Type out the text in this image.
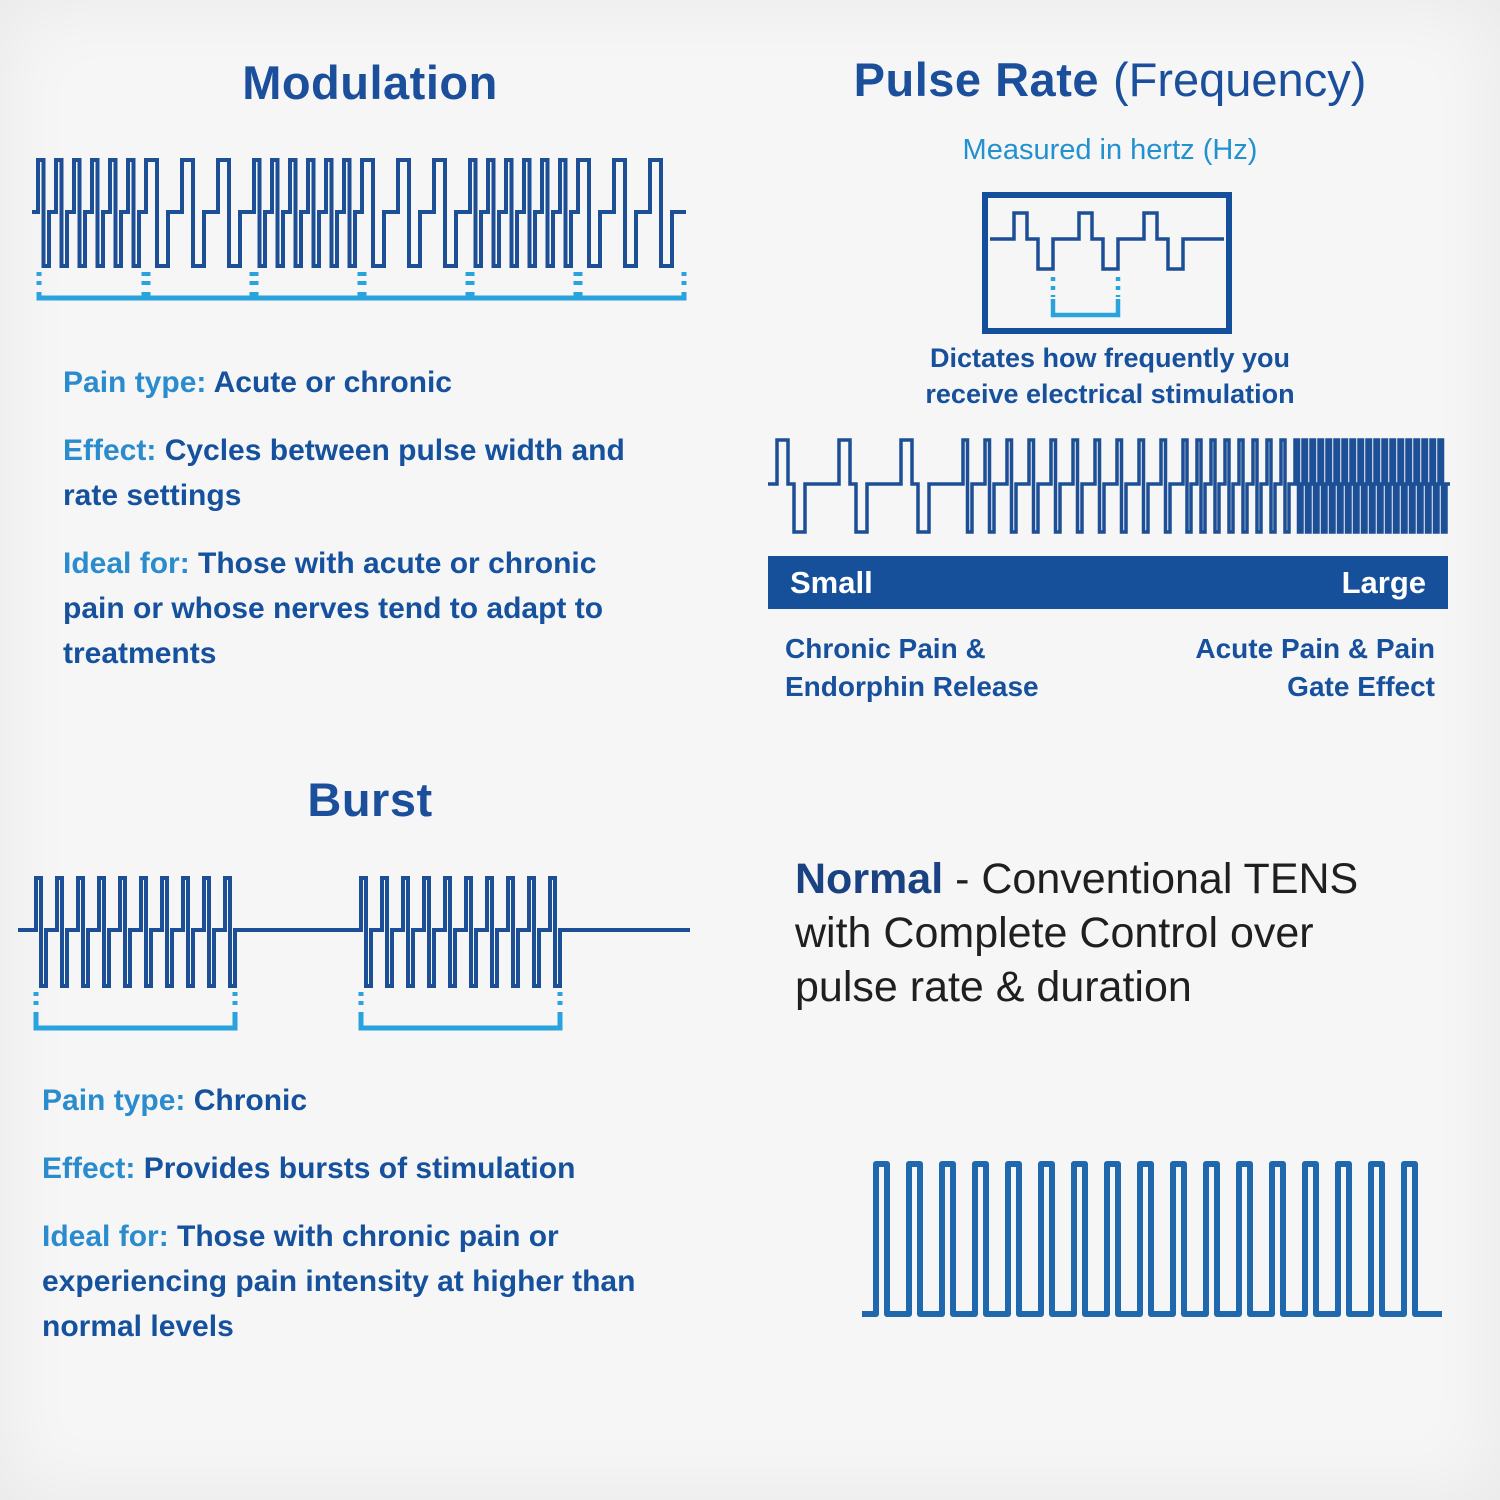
Modulation

Pain type: Acute or chronic

Effect: Cycles between pulse width and rate settings

Ideal for: Those with acute or chronic pain or whose nerves tend to adapt to treatments

Pulse Rate (Frequency)
Measured in hertz (Hz)
Dictates how frequently you
receive electrical stimulation
Small	Large
Chronic Pain &
Endorphin Release
Acute Pain & Pain
Gate Effect
Burst

Pain type: Chronic

Effect: Provides bursts of stimulation

Ideal for: Those with chronic pain or experiencing pain intensity at higher than normal levels

Normal - Conventional TENS
with Complete Control over
pulse rate & duration
